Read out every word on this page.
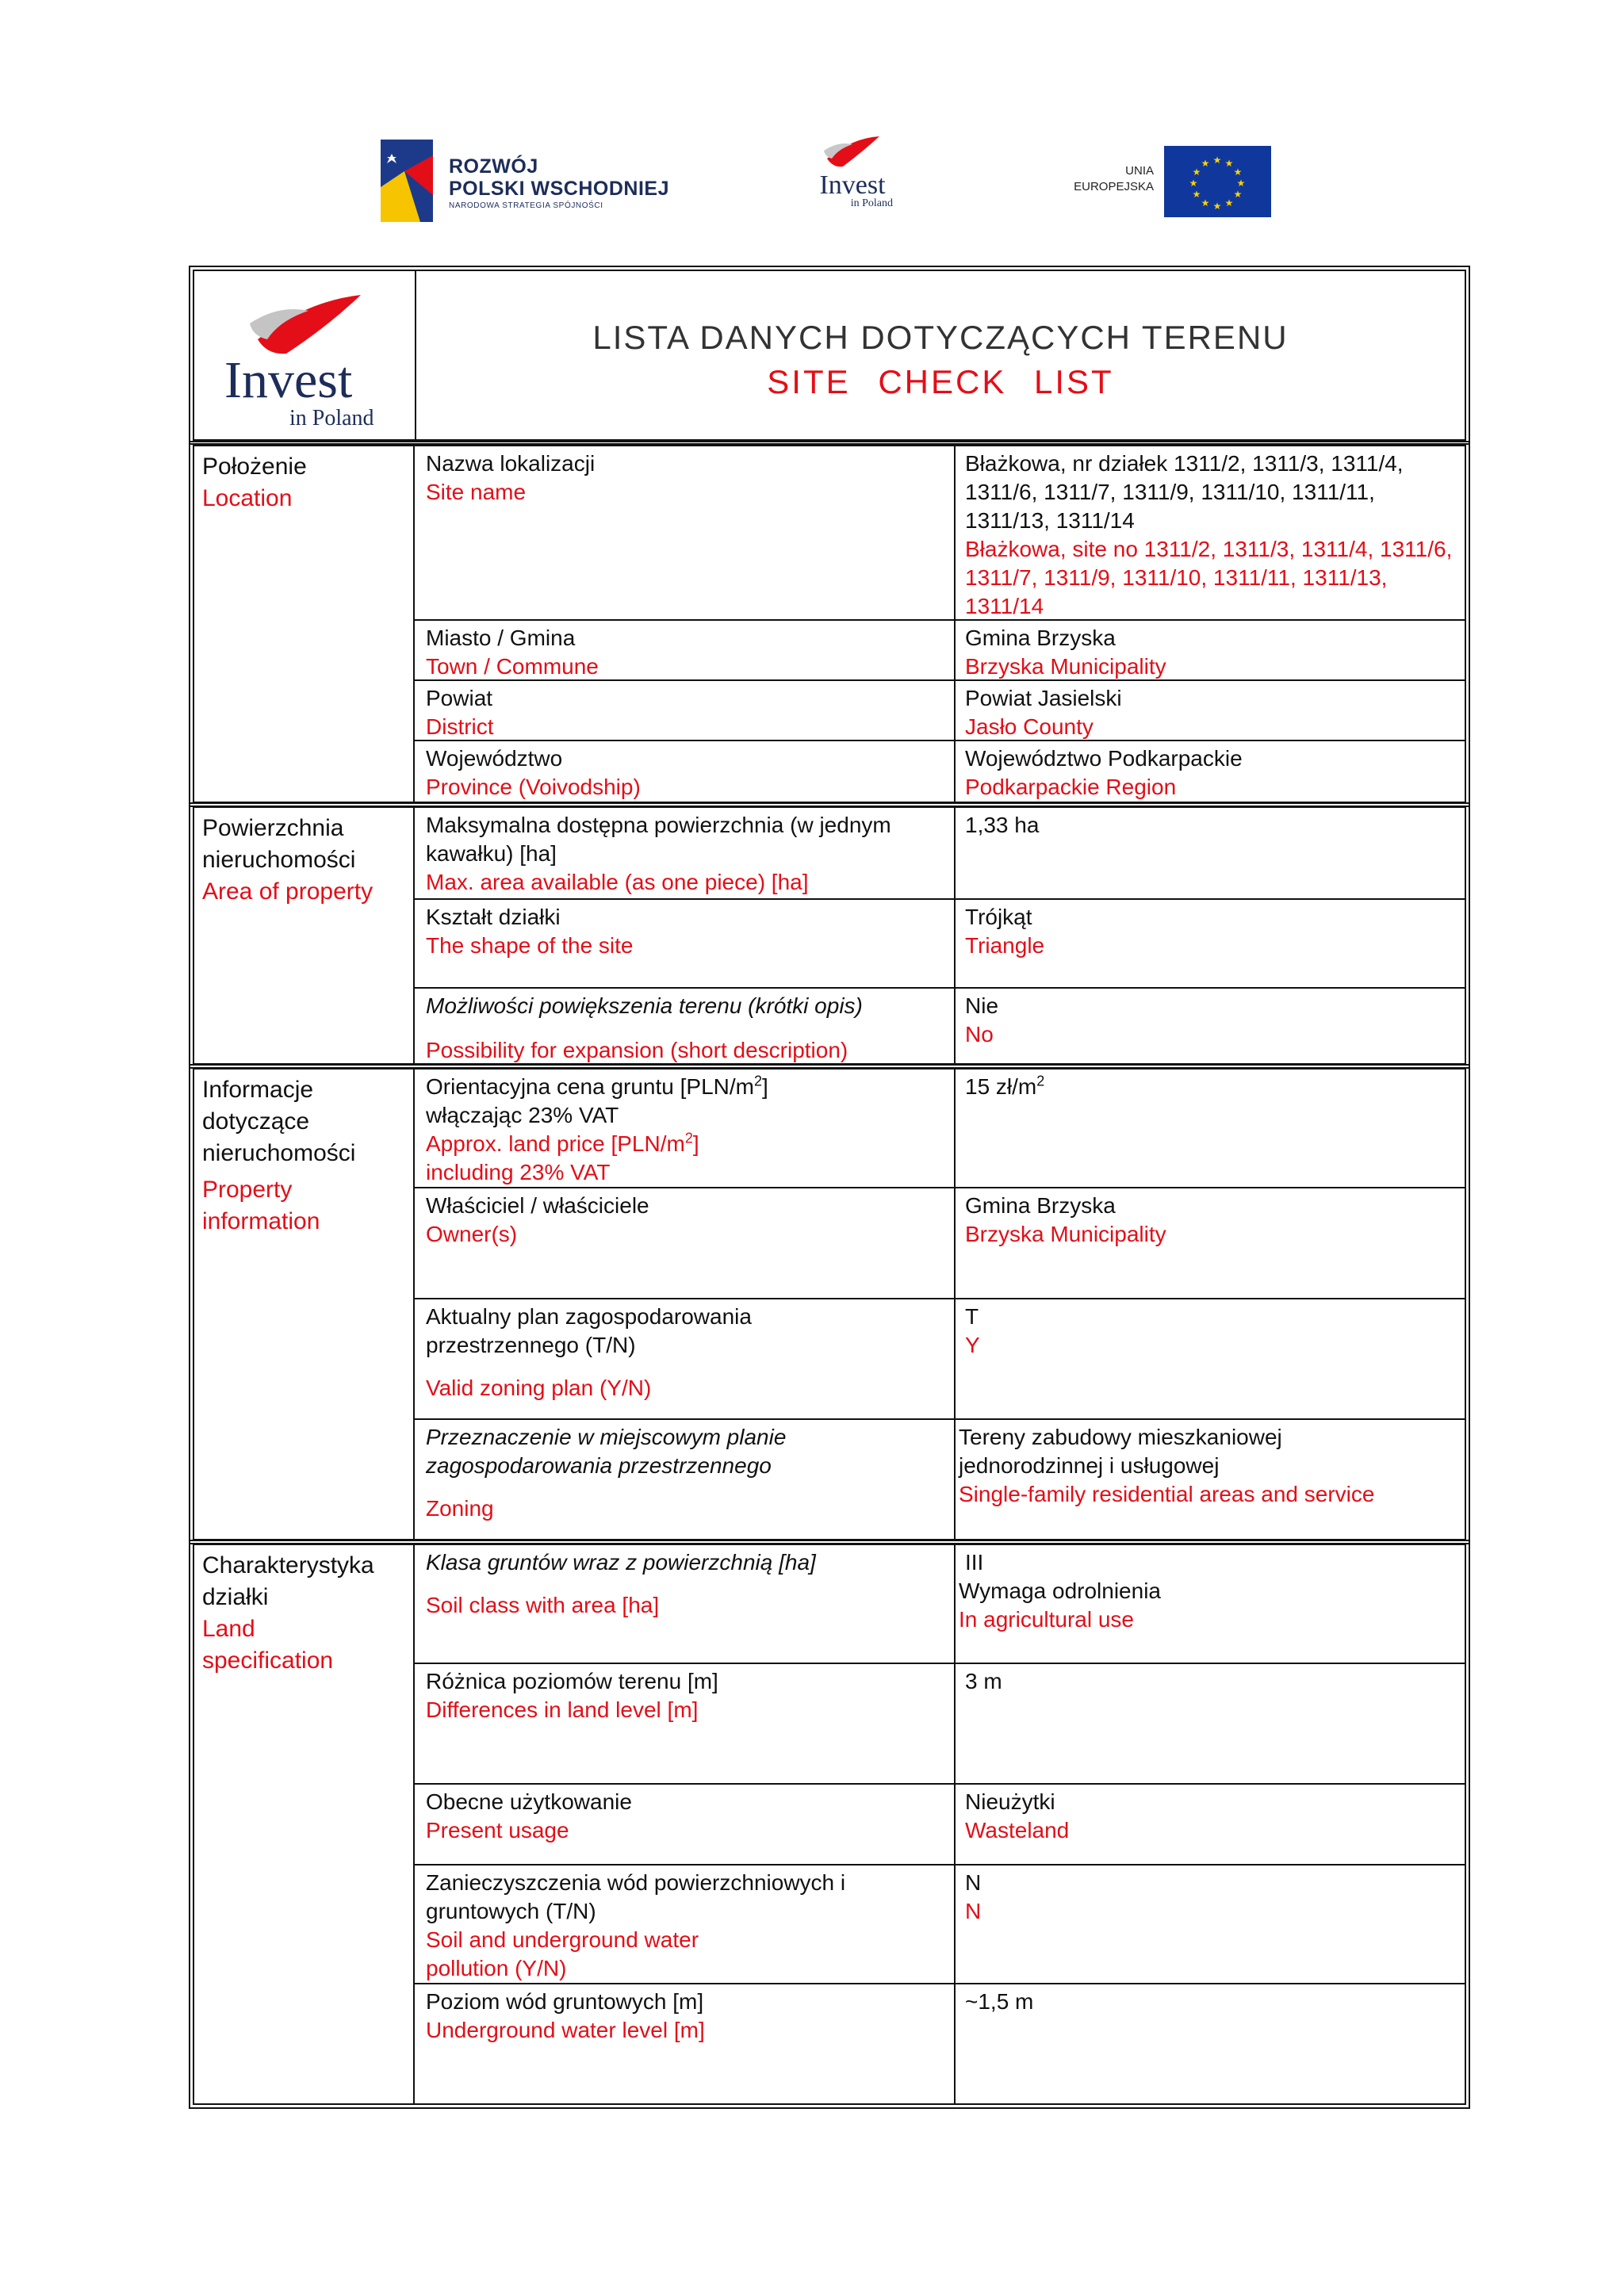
ROZWÓJ
POLSKI WSCHODNIEJ
NARODOWA STRATEGIA SPÓJNOŚCI
Invest
in Poland
UNIA
EUROPEJSKA
★ ★
★
★
★
★
★
★
★
★
★
★
Invest
in Poland
LISTA DANYCH DOTYCZĄCYCH TERENU
SITE CHECK LIST
Położenie
Location
Nazwa lokalizacji
Site name
Błażkowa, nr działek 1311/2, 1311/3, 1311/4, 1311/6, 1311/7, 1311/9, 1311/10, 1311/11, 1311/13, 1311/14
Błażkowa, site no 1311/2, 1311/3, 1311/4, 1311/6, 1311/7, 1311/9, 1311/10, 1311/11, 1311/13, 1311/14
Miasto / Gmina
Town / Commune
Gmina Brzyska
Brzyska Municipality
Powiat
District
Powiat Jasielski
Jasło County
Województwo
Province (Voivodship)
Województwo Podkarpackie
Podkarpackie Region
Powierzchnia
nieruchomości
Area of property
Maksymalna dostępna powierzchnia (w jednym kawałku) [ha]
Max. area available (as one piece) [ha]
1,33 ha
Kształt działki
The shape of the site
Trójkąt
Triangle
Możliwości powiększenia terenu (krótki opis)
Possibility for expansion (short description)
Nie
No
Informacje
dotyczące
nieruchomości
Property
information
Orientacyjna cena gruntu $[PLN/m^2]$
włączając 23% VAT
Approx. land price $[PLN/m^2]$
including 23% VAT
15 $zł/m^2$
Właściciel / właściciele
Owner(s)
Gmina Brzyska
Brzyska Municipality
Aktualny plan zagospodarowania przestrzennego (T/N)
Valid zoning plan (Y/N)
T
Y
Przeznaczenie w miejscowym planie zagospodarowania przestrzennego
Zoning
Tereny zabudowy mieszkaniowej jednorodzinnej i usługowej
Single-family residential areas and service
Charakterystyka
działki
Land
specification
Klasa gruntów wraz z powierzchnią [ha]
Soil class with area [ha]
III
Wymaga odrolnienia
In agricultural use
Różnica poziomów terenu [m]
Differences in land level [m]
3 m
Obecne użytkowanie
Present usage
Nieużytki
Wasteland
Zanieczyszczenia wód powierzchniowych i gruntowych (T/N)
Soil and underground water pollution (Y/N)
N
N
Poziom wód gruntowych [m]
Underground water level [m]
~1,5 m
